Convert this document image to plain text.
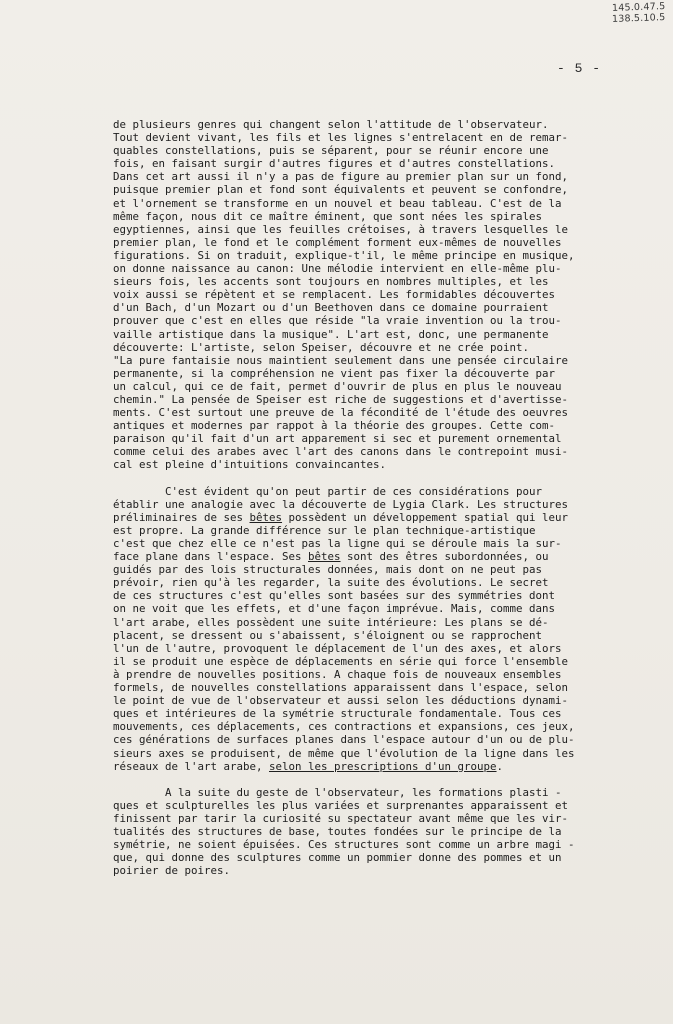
145.0.47.5
138.5.10.5
- 5 -
de plusieurs genres qui changent selon l'attitude de l'observateur.
Tout devient vivant, les fils et les lignes s'entrelacent en de remar-
quables constellations, puis se séparent, pour se réunir encore une
fois, en faisant surgir d'autres figures et d'autres constellations.
Dans cet art aussi il n'y a pas de figure au premier plan sur un fond,
puisque premier plan et fond sont équivalents et peuvent se confondre,
et l'ornement se transforme en un nouvel et beau tableau. C'est de la
même façon, nous dit ce maître éminent, que sont nées les spirales
egyptiennes, ainsi que les feuilles crétoises, à travers lesquelles le
premier plan, le fond et le complément forment eux-mêmes de nouvelles
figurations. Si on traduit, explique-t'il, le même principe en musique,
on donne naissance au canon: Une mélodie intervient en elle-même plu-
sieurs fois, les accents sont toujours en nombres multiples, et les
voix aussi se répètent et se remplacent. Les formidables découvertes
d'un Bach, d'un Mozart ou d'un Beethoven dans ce domaine pourraient
prouver que c'est en elles que réside "la vraie invention ou la trou-
vaille artistique dans la musique". L'art est, donc, une permanente
découverte: L'artiste, selon Speiser, découvre et ne crée point.
"La pure fantaisie nous maintient seulement dans une pensée circulaire
permanente, si la compréhension ne vient pas fixer la découverte par
un calcul, qui ce de fait, permet d'ouvrir de plus en plus le nouveau
chemin." La pensée de Speiser est riche de suggestions et d'avertisse-
ments. C'est surtout une preuve de la fécondité de l'étude des oeuvres
antiques et modernes par rappot à la théorie des groupes. Cette com-
paraison qu'il fait d'un art apparement si sec et purement ornemental
comme celui des arabes avec l'art des canons dans le contrepoint musi-
cal est pleine d'intuitions convaincantes.
C'est évident qu'on peut partir de ces considérations pour
établir une analogie avec la découverte de Lygia Clark. Les structures
préliminaires de ses bêtes possèdent un développement spatial qui leur
est propre. La grande différence sur le plan technique-artistique
c'est que chez elle ce n'est pas la ligne qui se déroule mais la sur-
face plane dans l'espace. Ses bêtes sont des êtres subordonnées, ou
guidés par des lois structurales données, mais dont on ne peut pas
prévoir, rien qu'à les regarder, la suite des évolutions. Le secret
de ces structures c'est qu'elles sont basées sur des symmétries dont
on ne voit que les effets, et d'une façon imprévue. Mais, comme dans
l'art arabe, elles possèdent une suite intérieure: Les plans se dé-
placent, se dressent ou s'abaissent, s'éloignent ou se rapprochent
l'un de l'autre, provoquent le déplacement de l'un des axes, et alors
il se produit une espèce de déplacements en série qui force l'ensemble
à prendre de nouvelles positions. A chaque fois de nouveaux ensembles
formels, de nouvelles constellations apparaissent dans l'espace, selon
le point de vue de l'observateur et aussi selon les déductions dynami-
ques et intérieures de la symétrie structurale fondamentale. Tous ces
mouvements, ces déplacements, ces contractions et expansions, ces jeux,
ces générations de surfaces planes dans l'espace autour d'un ou de plu-
sieurs axes se produisent, de même que l'évolution de la ligne dans les
réseaux de l'art arabe, selon les prescriptions d'un groupe.
A la suite du geste de l'observateur, les formations plasti -
ques et sculpturelles les plus variées et surprenantes apparaissent et
finissent par tarir la curiosité su spectateur avant même que les vir-
tualités des structures de base, toutes fondées sur le principe de la
symétrie, ne soient épuisées. Ces structures sont comme un arbre magi -
que, qui donne des sculptures comme un pommier donne des pommes et un
poirier de poires.
